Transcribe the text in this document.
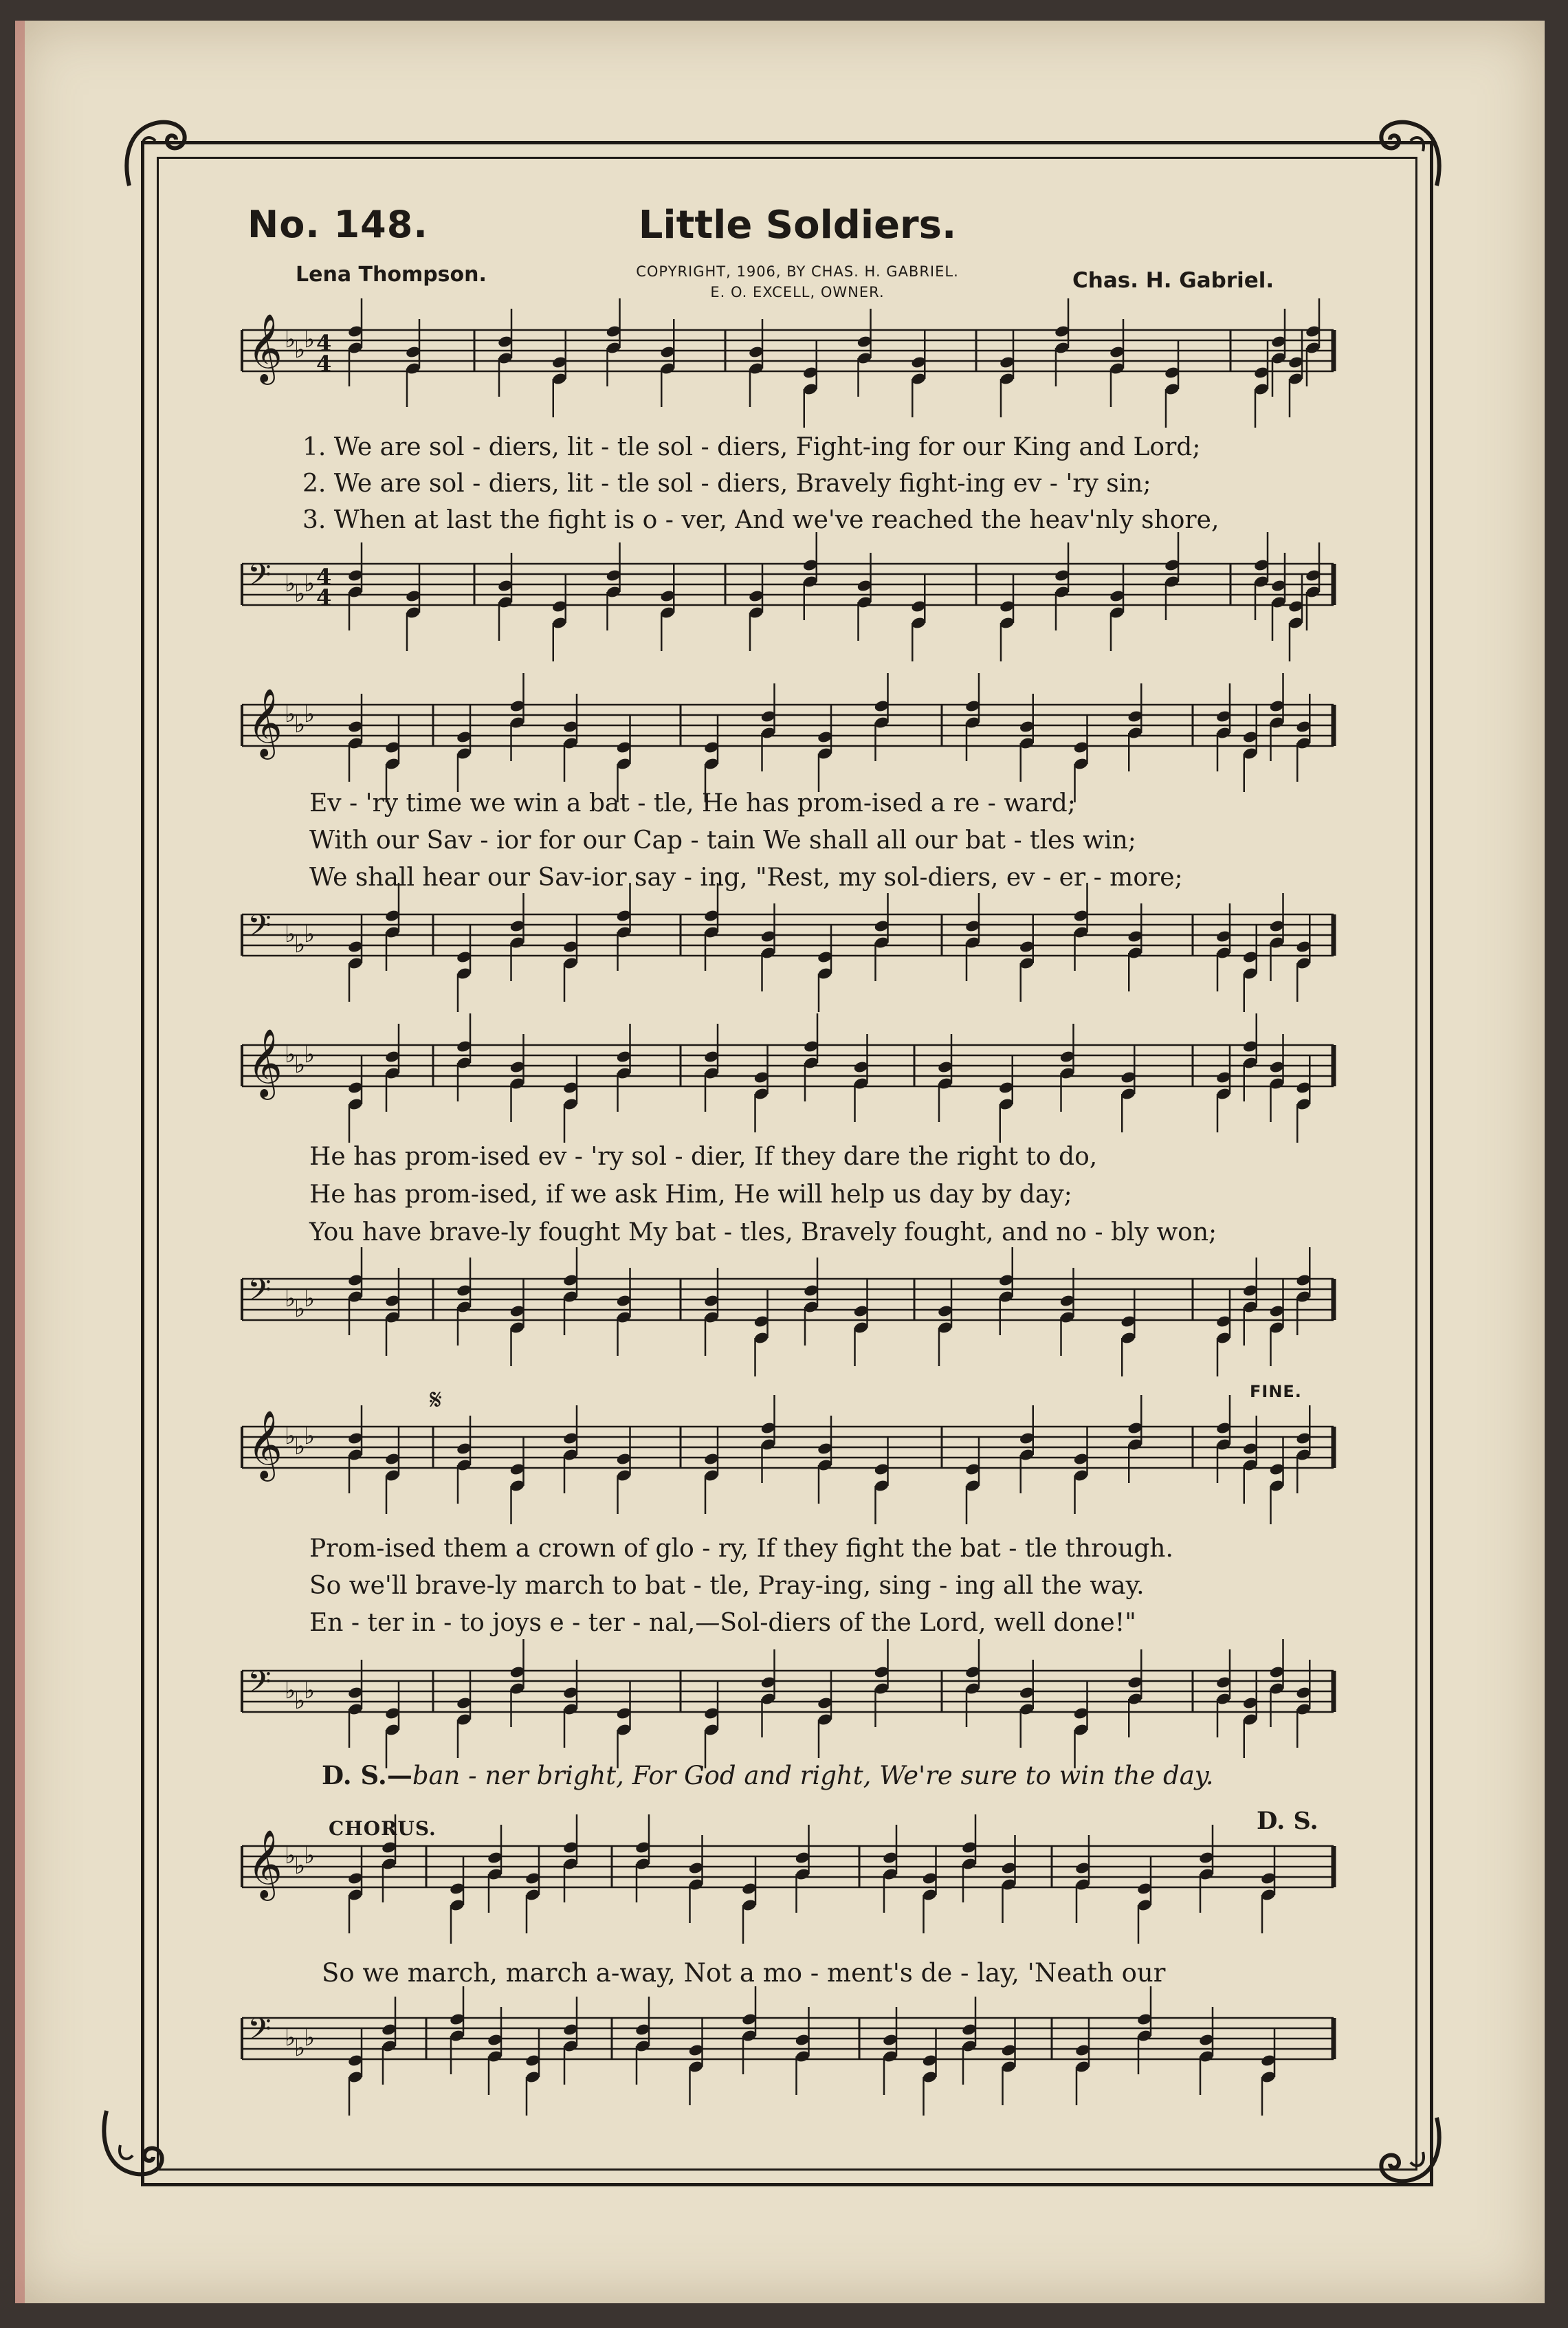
No. 148.	Little Soldiers.
Lena Thompson.	COPYRIGHT, 1906, BY CHAS. H. GABRIEL.
E. O. EXCELL, OWNER.	Chas. H. Gabriel.
𝄞 ♭
♭
♭ 4
4
𝄢 ♭
♭
♭ 4
4
𝄞 ♭
♭
♭
𝄢 ♭
♭
♭
𝄞 ♭
♭
♭
𝄢 ♭
♭
♭
𝄞 ♭
♭
♭
𝄢 ♭
♭
♭
𝄞 ♭
♭
♭
𝄢 ♭
♭
♭
𝄋
1. We are sol - diers, lit - tle sol - diers, Fight-ing for our King and Lord;
2. We are sol - diers, lit - tle sol - diers, Bravely fight-ing ev - 'ry sin;
3. When at last the fight is o - ver, And we've reached the heav'nly shore,
Ev - 'ry time we win a bat - tle, He has prom-ised a re - ward;
With our Sav - ior for our Cap - tain We shall all our bat - tles win;
We shall hear our Sav-ior say - ing, "Rest, my sol-diers, ev - er - more;
He has prom-ised ev - 'ry sol - dier, If they dare the right to do,
He has prom-ised, if we ask Him, He will help us day by day;
You have brave-ly fought My bat - tles, Bravely fought, and no - bly won;
FINE.
Prom-ised them a crown of glo - ry, If they fight the bat - tle through.
So we'll brave-ly march to bat - tle, Pray-ing, sing - ing all the way.
En - ter in - to joys e - ter - nal,—Sol-diers of the Lord, well done!"
D. S.—ban - ner bright, For God and right, We're sure to win the day.
D. S.
CHORUS.
So we march, march a-way, Not a mo - ment's de - lay, 'Neath our
